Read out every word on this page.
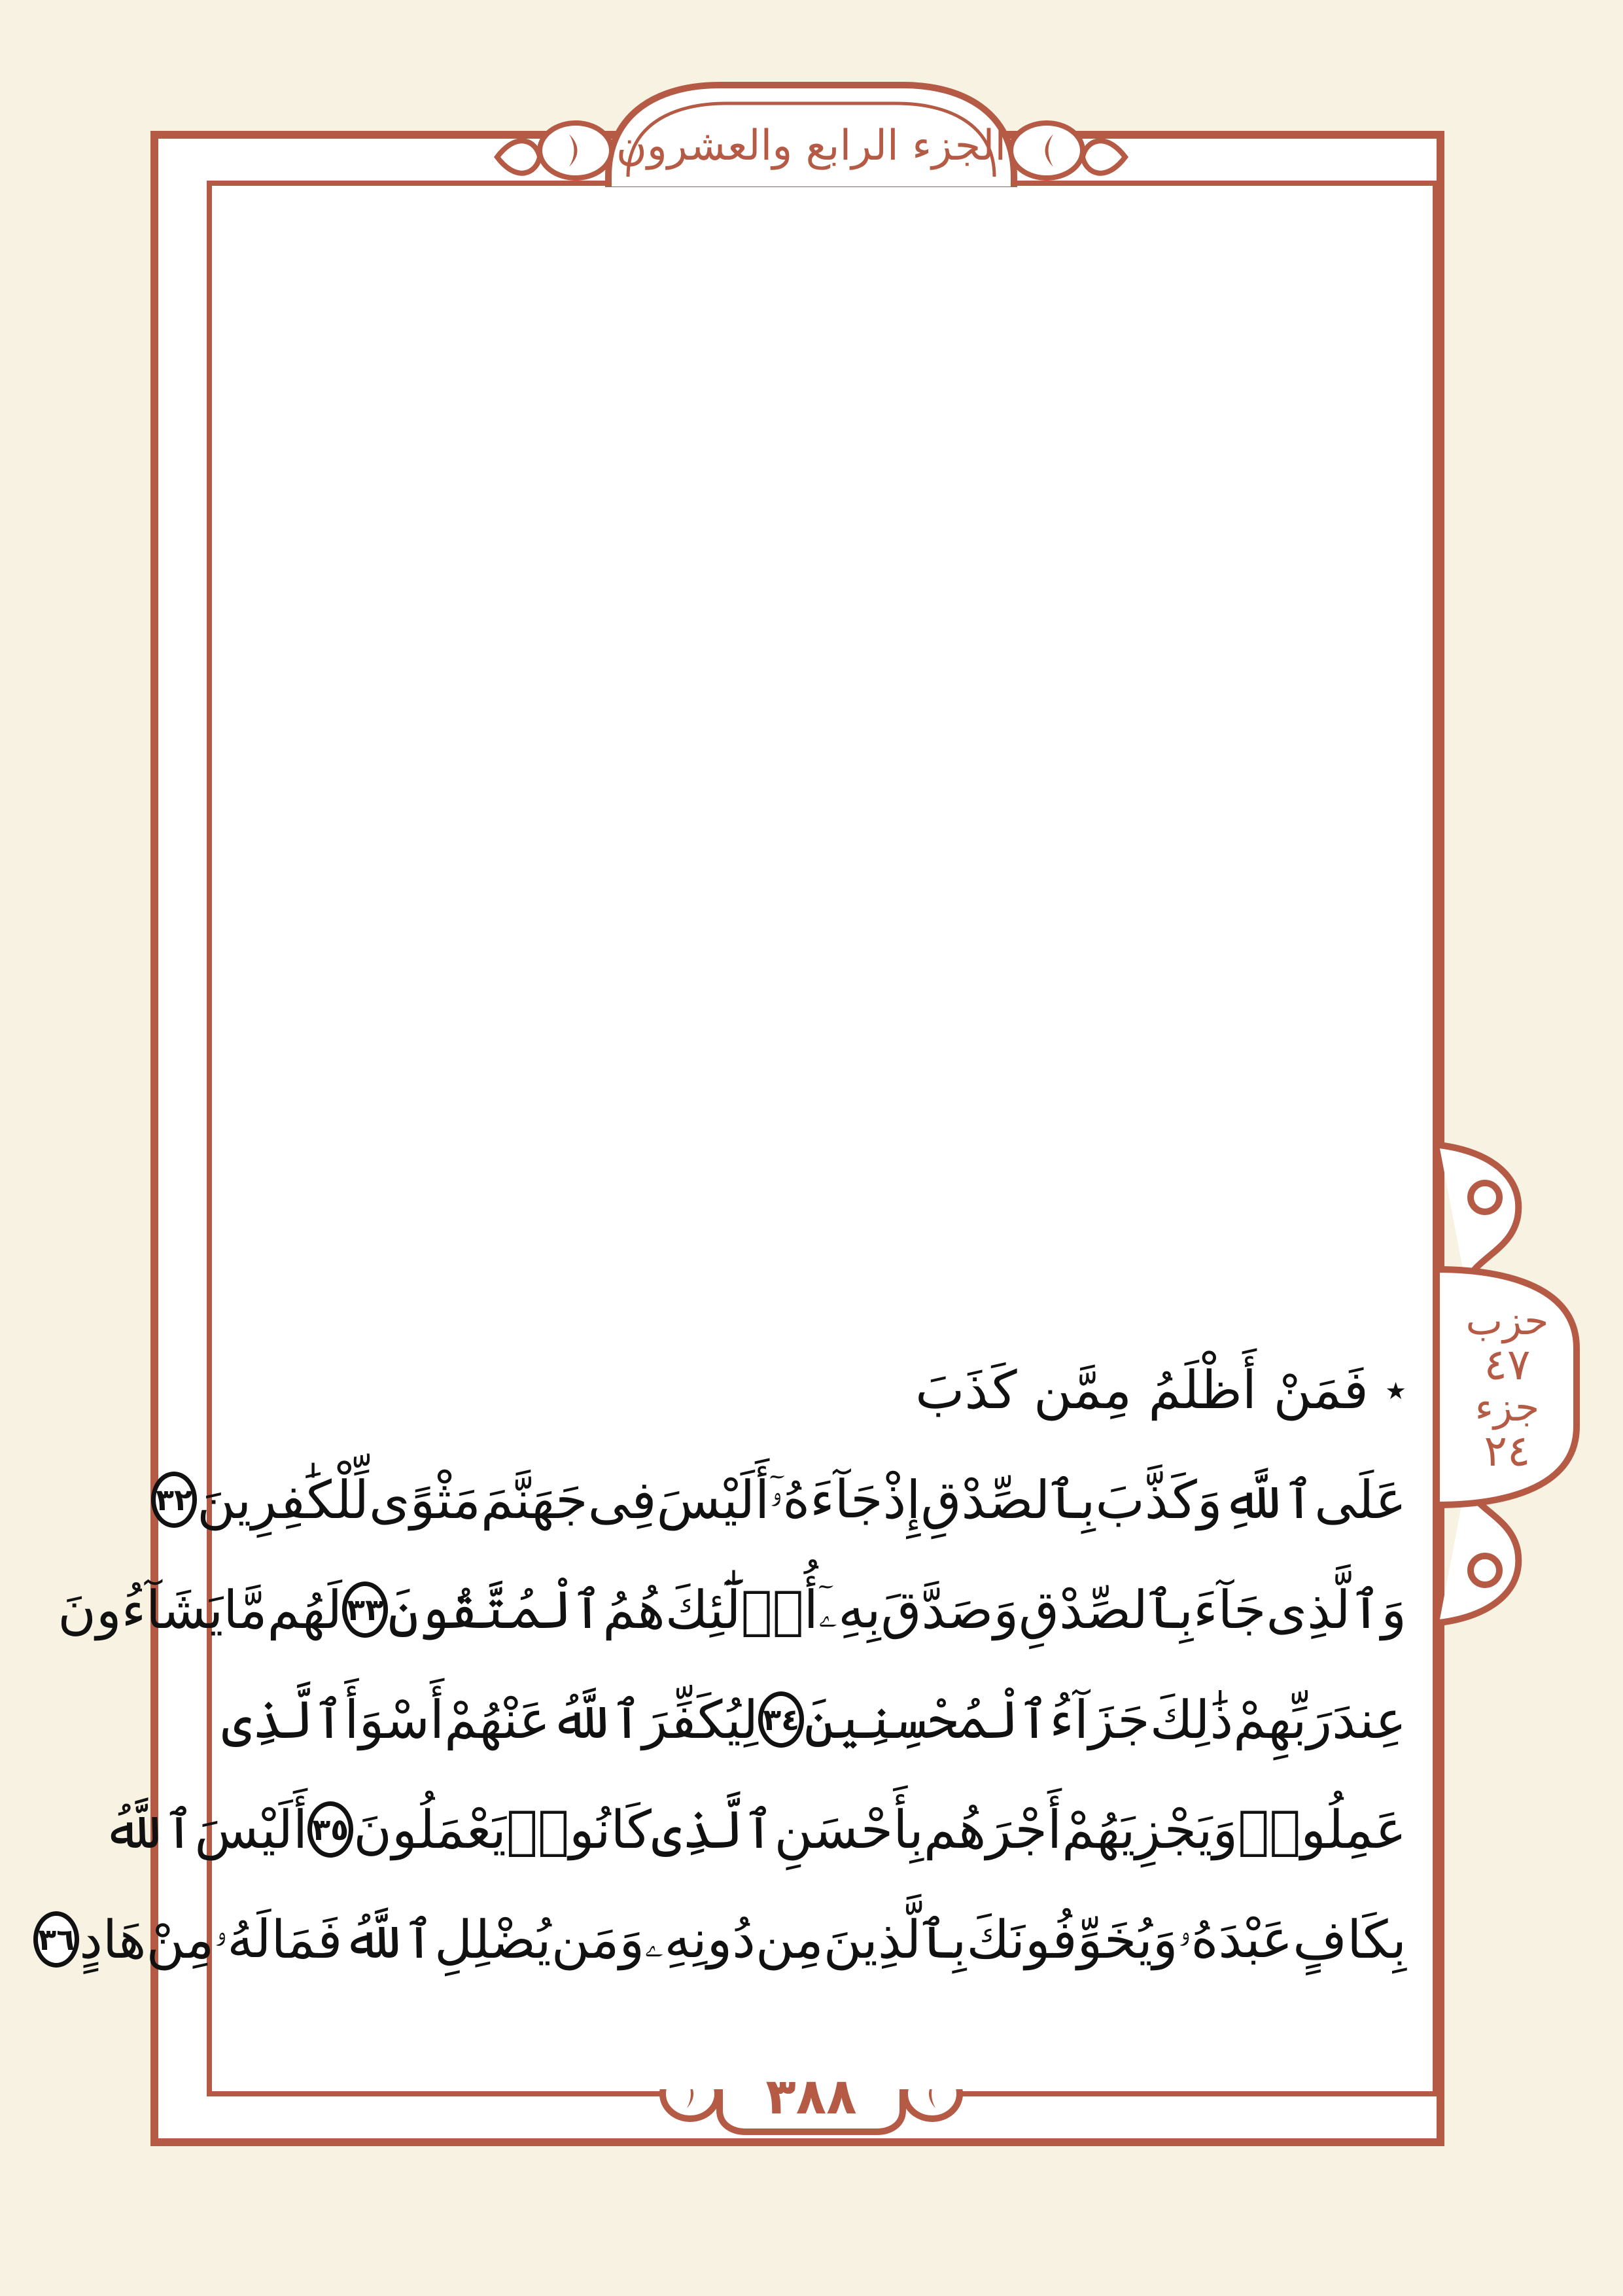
الجزء الرابع والعشرون
حزب
٤٧
جزء
٢٤
٭

فَمَنْ

أَظْلَمُ

مِمَّن

كَذَبَ
عَلَى
ٱللَّهِ
وَكَذَّبَ
بِٱلصِّدْقِ
إِذْ
جَآءَهُۥٓ
أَلَيْسَ
فِى
جَهَنَّمَ
مَثْوًى
لِّلْكَٰفِرِينَ
٣٢
وَٱلَّذِى
جَآءَ
بِٱلصِّدْقِ
وَصَدَّقَ
بِهِۦٓ
أُو۟لَٰٓئِكَ
هُمُ
ٱلْمُتَّقُونَ
٣٣
لَهُم
مَّا
يَشَآءُونَ
عِندَ
رَبِّهِمْ
ذَٰلِكَ
جَزَآءُ
ٱلْمُحْسِنِينَ
٣٤
لِيُكَفِّرَ
ٱللَّهُ
عَنْهُمْ
أَسْوَأَ
ٱلَّذِى
عَمِلُوا۟
وَيَجْزِيَهُمْ
أَجْرَهُم
بِأَحْسَنِ
ٱلَّذِى
كَانُوا۟
يَعْمَلُونَ
٣٥
أَلَيْسَ
ٱللَّهُ
بِكَافٍ
عَبْدَهُۥ
وَيُخَوِّفُونَكَ
بِٱلَّذِينَ
مِن
دُونِهِۦ
وَمَن
يُضْلِلِ
ٱللَّهُ
فَمَا
لَهُۥ
مِنْ
هَادٍ
٣٦
٣٨٨
